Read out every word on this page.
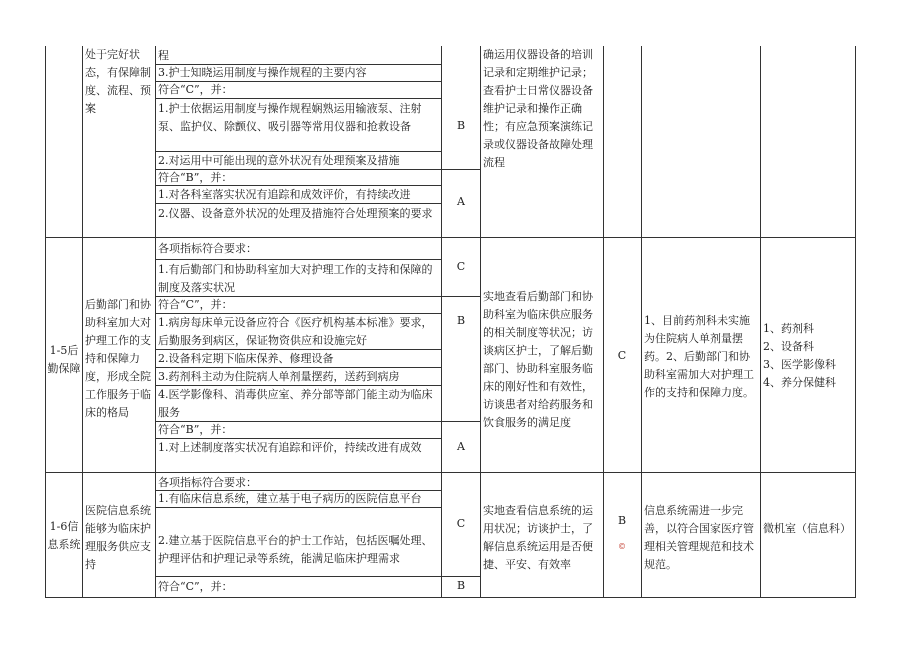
处于完好状态，有保障制度、流程、预案
程
3.护士知晓运用制度与操作规程的主要内容
符合“C”，并：
1.护士依据运用制度与操作规程娴熟运用输液泵、注射泵、监护仪、除颤仪、吸引器等常用仪器和抢救设备
2.对运用中可能出现的意外状况有处理预案及措施
符合“B”，并：
1.对各科室落实状况有追踪和成效评价，有持续改进
2.仪器、设备意外状况的处理及措施符合处理预案的要求
B
A
确运用仪器设备的培训记录和定期维护记录；查看护士日常仪器设备维护记录和操作正确性；有应急预案演练记录或仪器设备故障处理流程
1-5后勤保障
后勤部门和协助科室加大对护理工作的支持和保障力度，形成全院工作服务于临床的格局
各项指标符合要求：
1.有后勤部门和协助科室加大对护理工作的支持和保障的制度及落实状况
符合“C”，并：
1.病房每床单元设备应符合《医疗机构基本标准》要求，后勤服务到病区，保证物资供应和设施完好
2.设备科定期下临床保养、修理设备
3.药剂科主动为住院病人单剂量摆药，送药到病房
4.医学影像科、消毒供应室、养分部等部门能主动为临床服务
符合“B”，并：
1.对上述制度落实状况有追踪和评价，持续改进有成效
C
B
A
实地查看后勤部门和协助科室为临床供应服务的相关制度等状况；访谈病区护士，了解后勤部门、协助科室服务临床的刚好性和有效性，访谈患者对给药服务和饮食服务的满足度
C
1、目前药剂科未实施为住院病人单剂量摆药。2、后勤部门和协助科室需加大对护理工作的支持和保障力度。
1、药剂科
2、设备科
3、医学影像科
4、养分保健科
1-6信息系统
医院信息系统能够为临床护理服务供应支持
各项指标符合要求：
1.有临床信息系统，建立基于电子病历的医院信息平台
2.建立基于医院信息平台的护士工作站，包括医嘱处理、护理评估和护理记录等系统，能满足临床护理需求
符合“C”，并：
C
B
实地查看信息系统的运用状况；访谈护士，了解信息系统运用是否便捷、平安、有效率
B
©
信息系统需进一步完善，以符合国家医疗管理相关管理规范和技术规范。
微机室（信息科）
